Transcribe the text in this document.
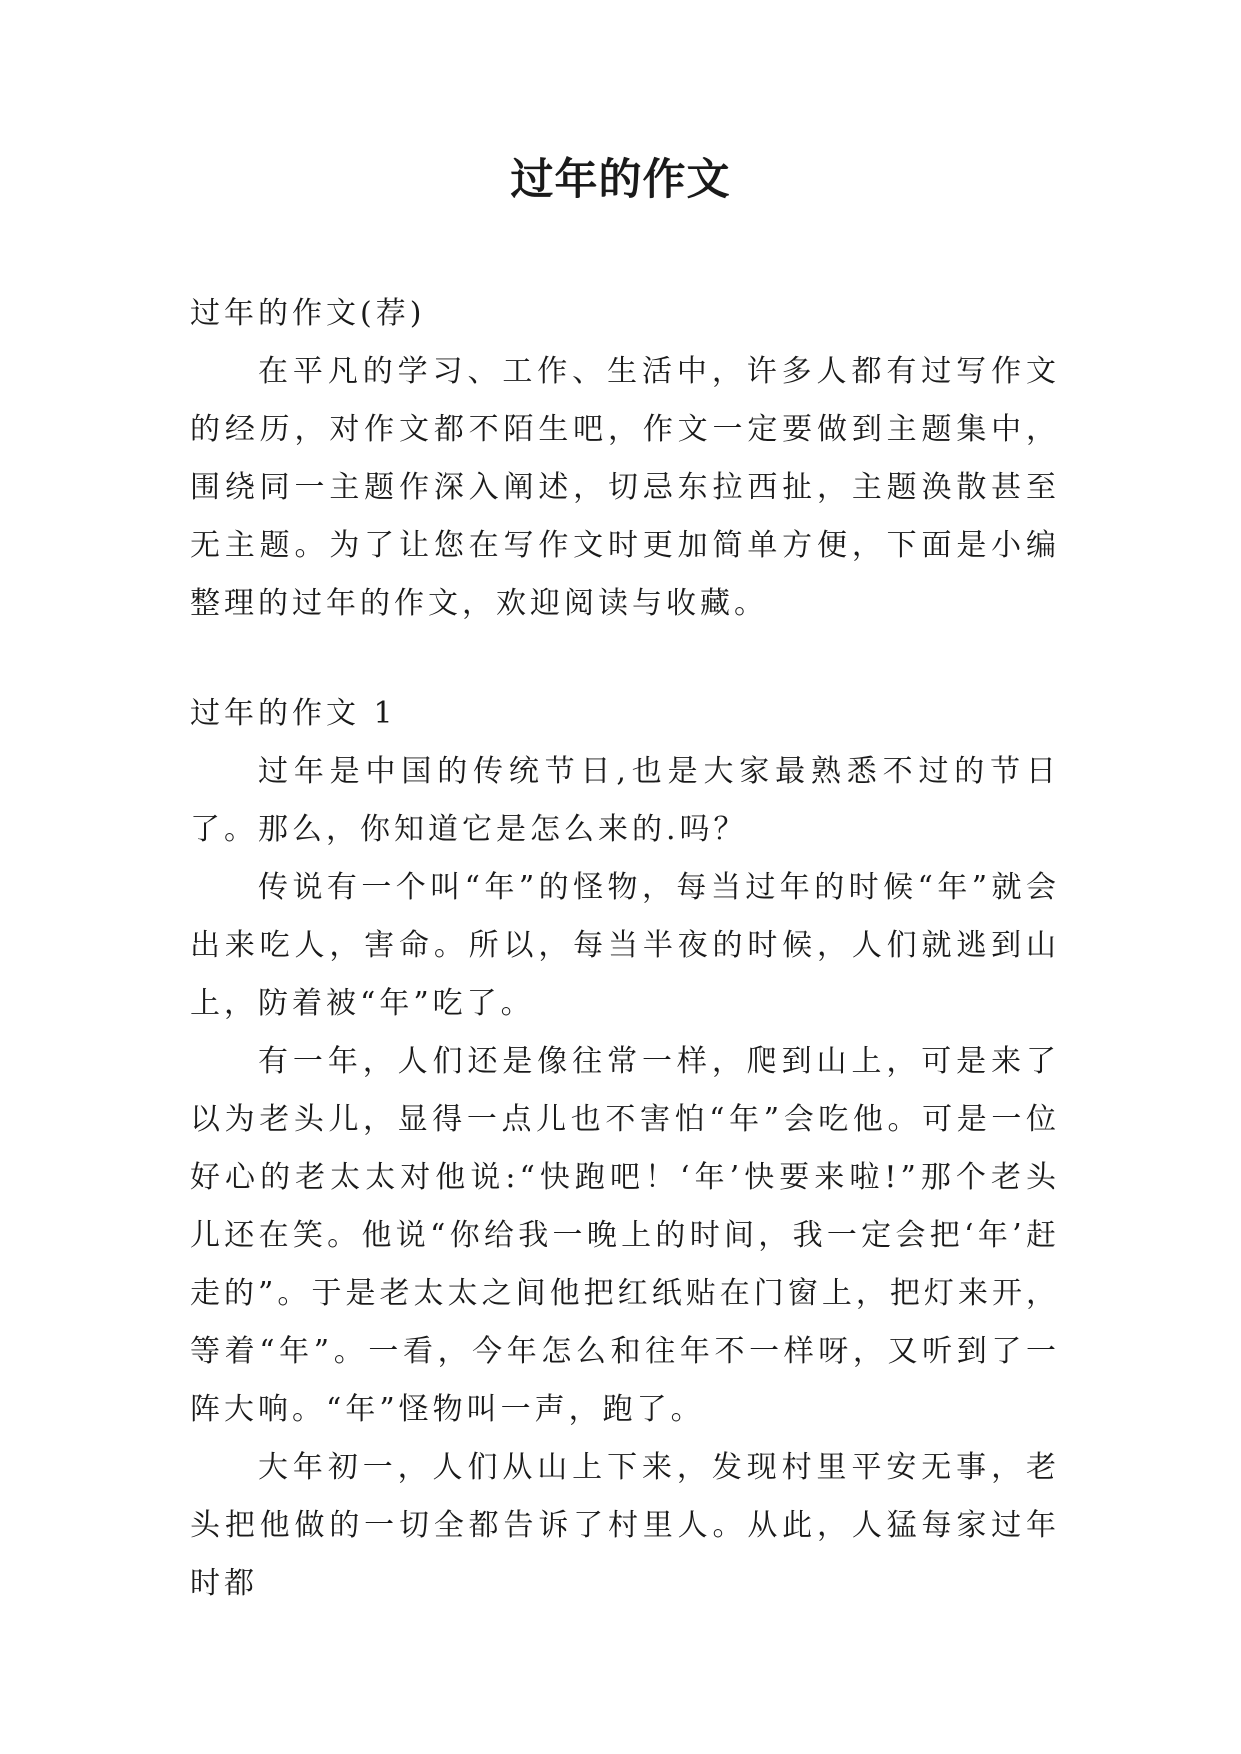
过年的作文

过年的作文(荐)

在平凡的学习、工作、生活中，许多人都有过写作文的经历，对作文都不陌生吧，作文一定要做到主题集中，围绕同一主题作深入阐述，切忌东拉西扯，主题涣散甚至无主题。为了让您在写作文时更加简单方便，下面是小编整理的过年的作文，欢迎阅读与收藏。

过年的作文 1

过年是中国的传统节日,也是大家最熟悉不过的节日了。那么，你知道它是怎么来的.吗？

传说有一个叫“年”的怪物，每当过年的时候“年”就会出来吃人，害命。所以，每当半夜的时候，人们就逃到山上，防着被“年”吃了。

有一年，人们还是像往常一样，爬到山上，可是来了以为老头儿，显得一点儿也不害怕“年”会吃他。可是一位好心的老太太对他说:“快跑吧！‘年’快要来啦!”那个老头儿还在笑。他说“你给我一晚上的时间，我一定会把‘年’赶走的”。于是老太太之间他把红纸贴在门窗上，把灯来开，等着“年”。一看，今年怎么和往年不一样呀，又听到了一阵大响。“年”怪物叫一声，跑了。

大年初一，人们从山上下来，发现村里平安无事，老头把他做的一切全都告诉了村里人。从此，人猛每家过年时都
